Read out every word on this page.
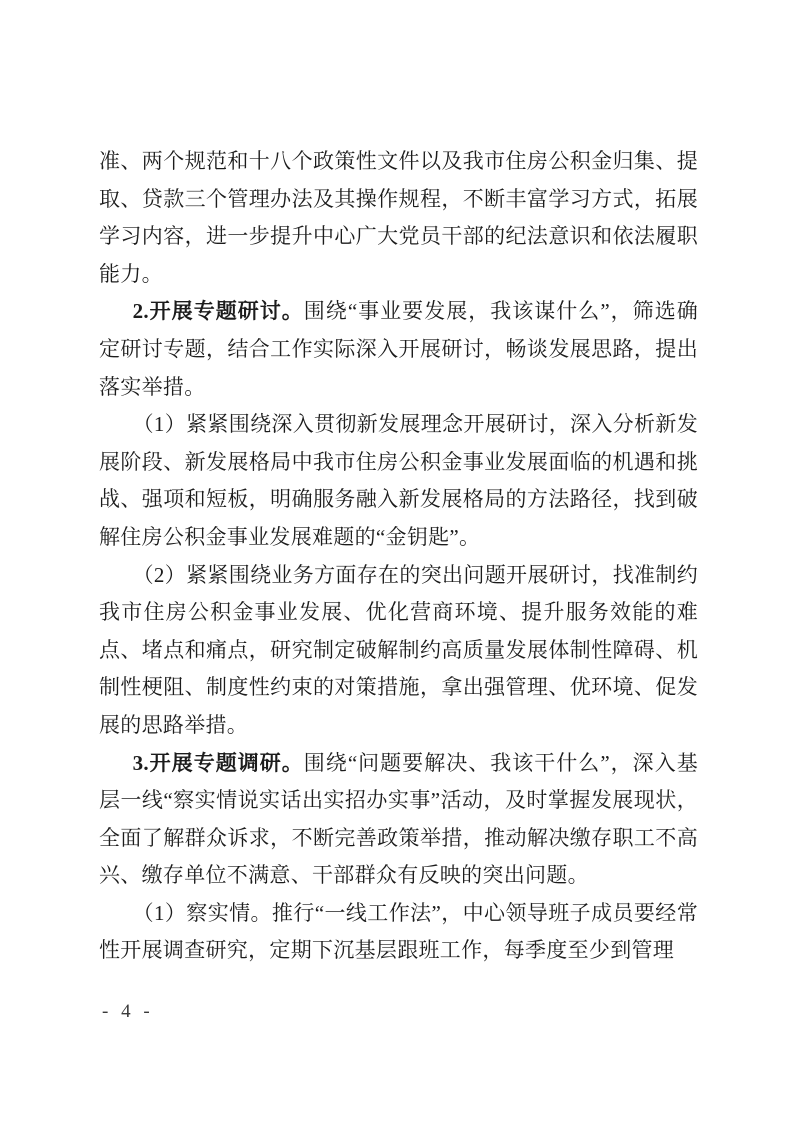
准、两个规范和十八个政策性文件以及我市住房公积金归集、提取、贷款三个管理办法及其操作规程，不断丰富学习方式，拓展学习内容，进一步提升中心广大党员干部的纪法意识和依法履职能力。

2.开展专题研讨。围绕“事业要发展，我该谋什么”，筛选确定研讨专题，结合工作实际深入开展研讨，畅谈发展思路，提出落实举措。

（1）紧紧围绕深入贯彻新发展理念开展研讨，深入分析新发展阶段、新发展格局中我市住房公积金事业发展面临的机遇和挑战、强项和短板，明确服务融入新发展格局的方法路径，找到破解住房公积金事业发展难题的“金钥匙”。

（2）紧紧围绕业务方面存在的突出问题开展研讨，找准制约我市住房公积金事业发展、优化营商环境、提升服务效能的难点、堵点和痛点，研究制定破解制约高质量发展体制性障碍、机制性梗阻、制度性约束的对策措施，拿出强管理、优环境、促发展的思路举措。

3.开展专题调研。围绕“问题要解决、我该干什么”，深入基层一线“察实情说实话出实招办实事”活动，及时掌握发展现状，全面了解群众诉求，不断完善政策举措，推动解决缴存职工不高兴、缴存单位不满意、干部群众有反映的突出问题。

（1）察实情。推行“一线工作法”，中心领导班子成员要经常性开展调查研究，定期下沉基层跟班工作，每季度至少到管理

- 4 -
